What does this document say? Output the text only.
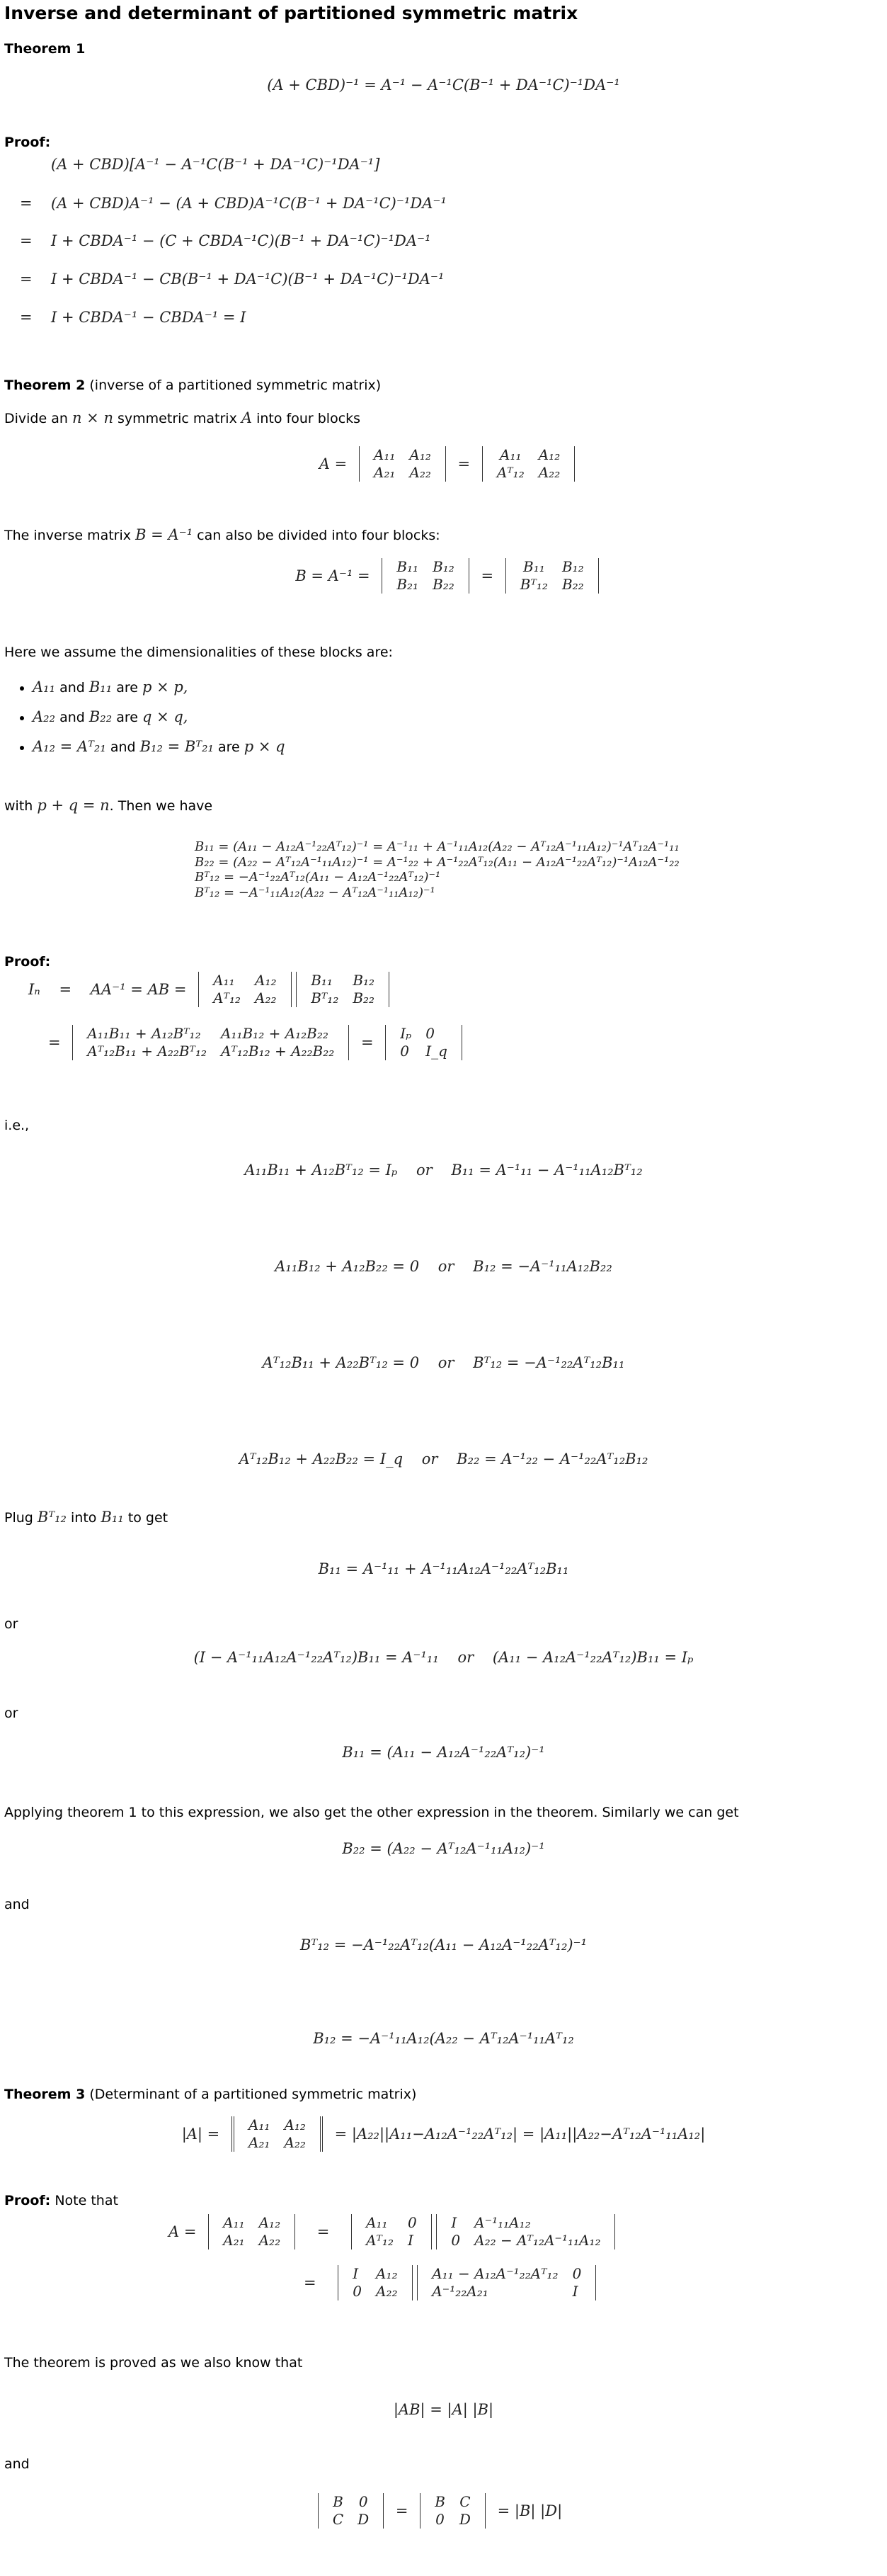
Inverse and determinant of partitioned symmetric matrix
Theorem 1
(A + CBD)⁻¹ = A⁻¹ − A⁻¹C(B⁻¹ + DA⁻¹C)⁻¹DA⁻¹
Proof:
(A + CBD)[A⁻¹ − A⁻¹C(B⁻¹ + DA⁻¹C)⁻¹DA⁻¹]
= (A + CBD)A⁻¹ − (A + CBD)A⁻¹C(B⁻¹ + DA⁻¹C)⁻¹DA⁻¹
= I + CBDA⁻¹ − (C + CBDA⁻¹C)(B⁻¹ + DA⁻¹C)⁻¹DA⁻¹
= I + CBDA⁻¹ − CB(B⁻¹ + DA⁻¹C)(B⁻¹ + DA⁻¹C)⁻¹DA⁻¹
= I + CBDA⁻¹ − CBDA⁻¹ = I
Theorem 2 (inverse of a partitioned symmetric matrix)
Divide an n × n symmetric matrix A into four blocks
A =
A₁₁	A₁₂
A₂₁	A₂₂ =
A₁₁	A₁₂
Aᵀ₁₂	A₂₂
The inverse matrix B = A⁻¹ can also be divided into four blocks:
B = A⁻¹ =
B₁₁	B₁₂
B₂₁	B₂₂ =
B₁₁	B₁₂
Bᵀ₁₂	B₂₂
Here we assume the dimensionalities of these blocks are:
• A₁₁ and B₁₁ are p × p,
• A₂₂ and B₂₂ are q × q,
• A₁₂ = Aᵀ₂₁ and B₁₂ = Bᵀ₂₁ are p × q
with p + q = n. Then we have
B₁₁ = (A₁₁ − A₁₂A⁻¹₂₂Aᵀ₁₂)⁻¹ = A⁻¹₁₁ + A⁻¹₁₁A₁₂(A₂₂ − Aᵀ₁₂A⁻¹₁₁A₁₂)⁻¹Aᵀ₁₂A⁻¹₁₁
B₂₂ = (A₂₂ − Aᵀ₁₂A⁻¹₁₁A₁₂)⁻¹ = A⁻¹₂₂ + A⁻¹₂₂Aᵀ₁₂(A₁₁ − A₁₂A⁻¹₂₂Aᵀ₁₂)⁻¹A₁₂A⁻¹₂₂
Bᵀ₁₂ = −A⁻¹₂₂Aᵀ₁₂(A₁₁ − A₁₂A⁻¹₂₂Aᵀ₁₂)⁻¹
Bᵀ₁₂ = −A⁻¹₁₁A₁₂(A₂₂ − Aᵀ₁₂A⁻¹₁₁A₁₂)⁻¹
Proof:
Iₙ = AA⁻¹ = AB =
A₁₁	A₁₂
Aᵀ₁₂	A₂₂

B₁₁	B₁₂
Bᵀ₁₂	B₂₂
=
A₁₁B₁₁ + A₁₂Bᵀ₁₂	A₁₁B₁₂ + A₁₂B₂₂
Aᵀ₁₂B₁₁ + A₂₂Bᵀ₁₂	Aᵀ₁₂B₁₂ + A₂₂B₂₂ =
Iₚ	0
0	I_q
i.e.,
A₁₁B₁₁ + A₁₂Bᵀ₁₂ = Iₚ    or    B₁₁ = A⁻¹₁₁ − A⁻¹₁₁A₁₂Bᵀ₁₂
A₁₁B₁₂ + A₁₂B₂₂ = 0    or    B₁₂ = −A⁻¹₁₁A₁₂B₂₂
Aᵀ₁₂B₁₁ + A₂₂Bᵀ₁₂ = 0    or    Bᵀ₁₂ = −A⁻¹₂₂Aᵀ₁₂B₁₁
Aᵀ₁₂B₁₂ + A₂₂B₂₂ = I_q    or    B₂₂ = A⁻¹₂₂ − A⁻¹₂₂Aᵀ₁₂B₁₂
Plug Bᵀ₁₂ into B₁₁ to get
B₁₁ = A⁻¹₁₁ + A⁻¹₁₁A₁₂A⁻¹₂₂Aᵀ₁₂B₁₁
or
(I − A⁻¹₁₁A₁₂A⁻¹₂₂Aᵀ₁₂)B₁₁ = A⁻¹₁₁    or    (A₁₁ − A₁₂A⁻¹₂₂Aᵀ₁₂)B₁₁ = Iₚ
or
B₁₁ = (A₁₁ − A₁₂A⁻¹₂₂Aᵀ₁₂)⁻¹
Applying theorem 1 to this expression, we also get the other expression in the theorem. Similarly we can get
B₂₂ = (A₂₂ − Aᵀ₁₂A⁻¹₁₁A₁₂)⁻¹
and
Bᵀ₁₂ = −A⁻¹₂₂Aᵀ₁₂(A₁₁ − A₁₂A⁻¹₂₂Aᵀ₁₂)⁻¹
B₁₂ = −A⁻¹₁₁A₁₂(A₂₂ − Aᵀ₁₂A⁻¹₁₁Aᵀ₁₂
Theorem 3 (Determinant of a partitioned symmetric matrix)
|A| =
A₁₁	A₁₂
A₂₁	A₂₂ = |A₂₂||A₁₁−A₁₂A⁻¹₂₂Aᵀ₁₂| = |A₁₁||A₂₂−Aᵀ₁₂A⁻¹₁₁A₁₂|
Proof: Note that
A =
A₁₁	A₁₂
A₂₁	A₂₂ =
A₁₁	0
Aᵀ₁₂	I

I	A⁻¹₁₁A₁₂
0	A₂₂ − Aᵀ₁₂A⁻¹₁₁A₁₂
=
I	A₁₂
0	A₂₂

A₁₁ − A₁₂A⁻¹₂₂Aᵀ₁₂	0
A⁻¹₂₂A₂₁	I
The theorem is proved as we also know that
|AB| = |A| |B|
and
B	0
C	D =
B	C
0	D = |B| |D|
